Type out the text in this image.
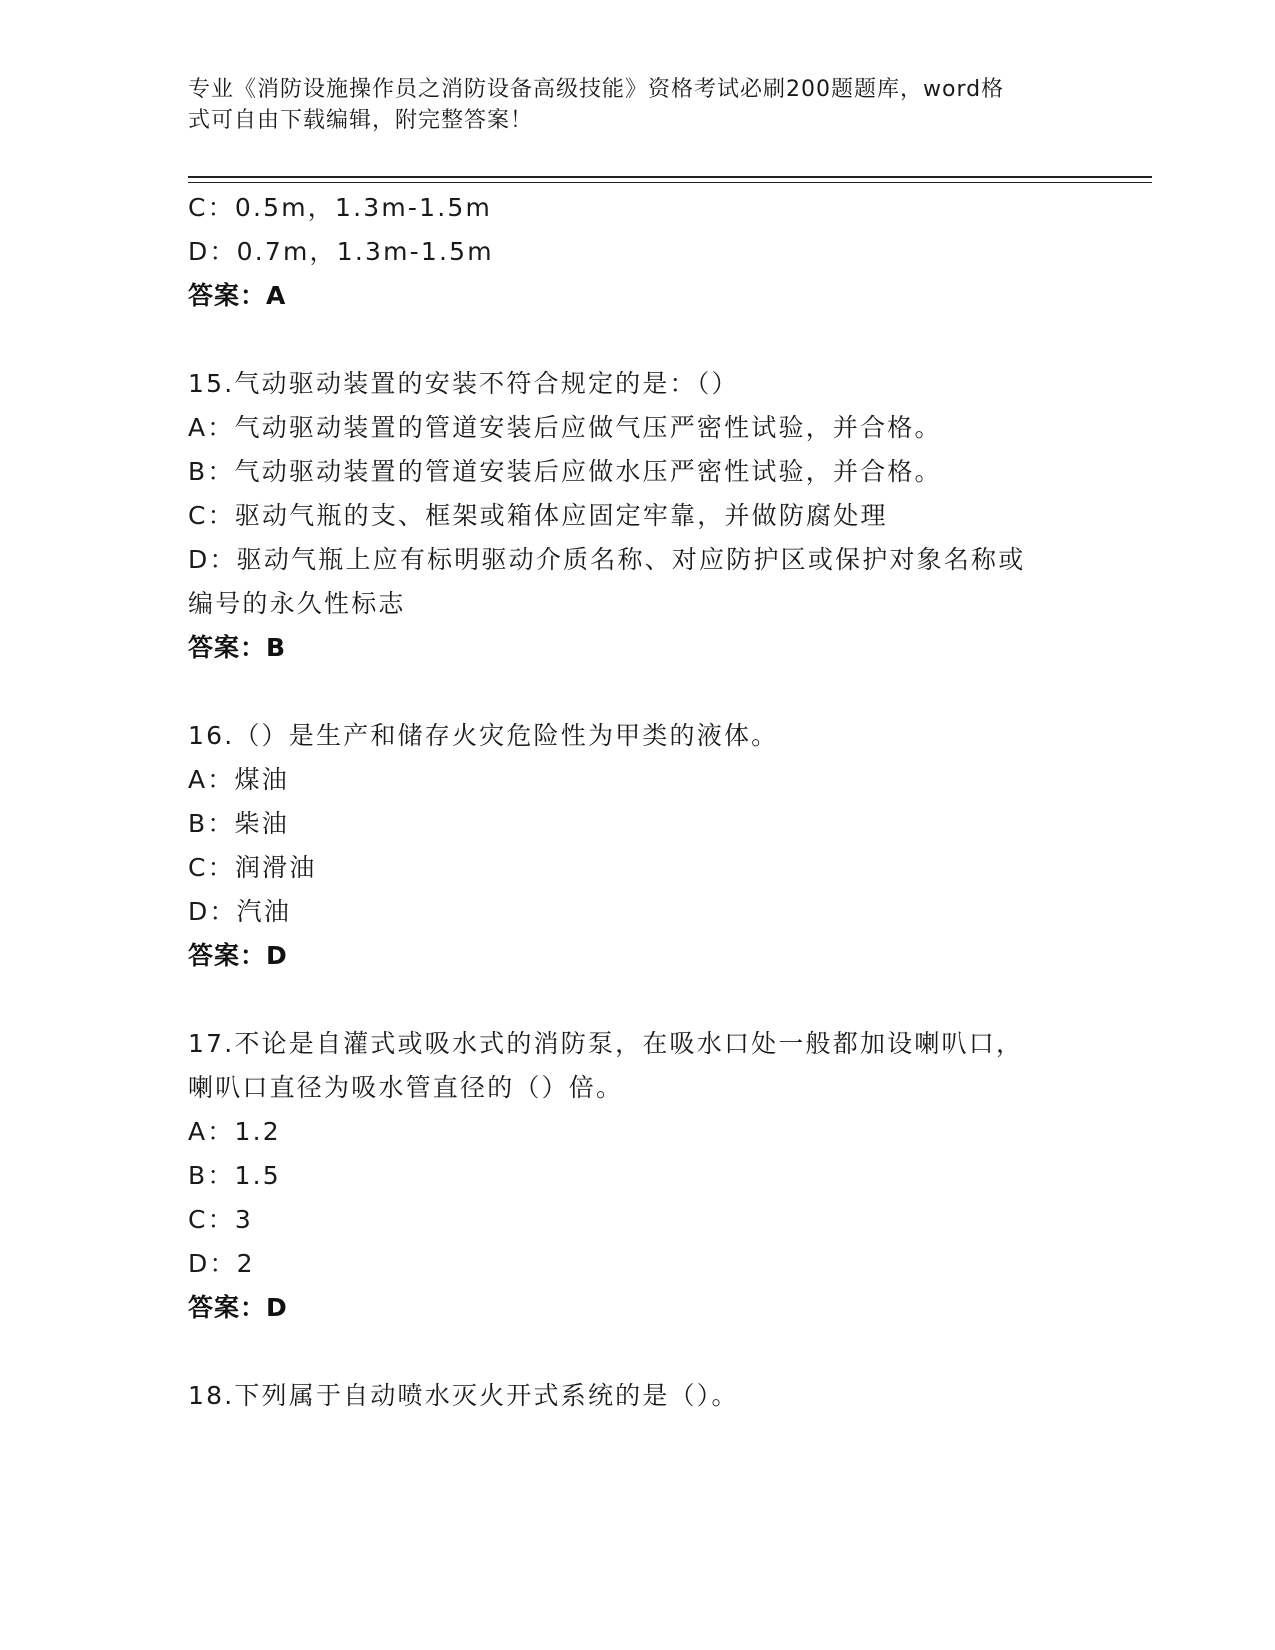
专业《消防设施操作员之消防设备高级技能》资格考试必刷200题题库，word格
式可自由下载编辑，附完整答案！
C：0.5m，1.3m-1.5m
D：0.7m，1.3m-1.5m
答案：A
15.气动驱动装置的安装不符合规定的是：（）
A：气动驱动装置的管道安装后应做气压严密性试验，并合格。
B：气动驱动装置的管道安装后应做水压严密性试验，并合格。
C：驱动气瓶的支、框架或箱体应固定牢靠，并做防腐处理
D：驱动气瓶上应有标明驱动介质名称、对应防护区或保护对象名称或
编号的永久性标志
答案：B
16.（）是生产和储存火灾危险性为甲类的液体。
A：煤油
B：柴油
C：润滑油
D：汽油
答案：D
17.不论是自灌式或吸水式的消防泵，在吸水口处一般都加设喇叭口，
喇叭口直径为吸水管直径的（）倍。
A：1.2
B：1.5
C：3
D：2
答案：D
18.下列属于自动喷水灭火开式系统的是（）。
